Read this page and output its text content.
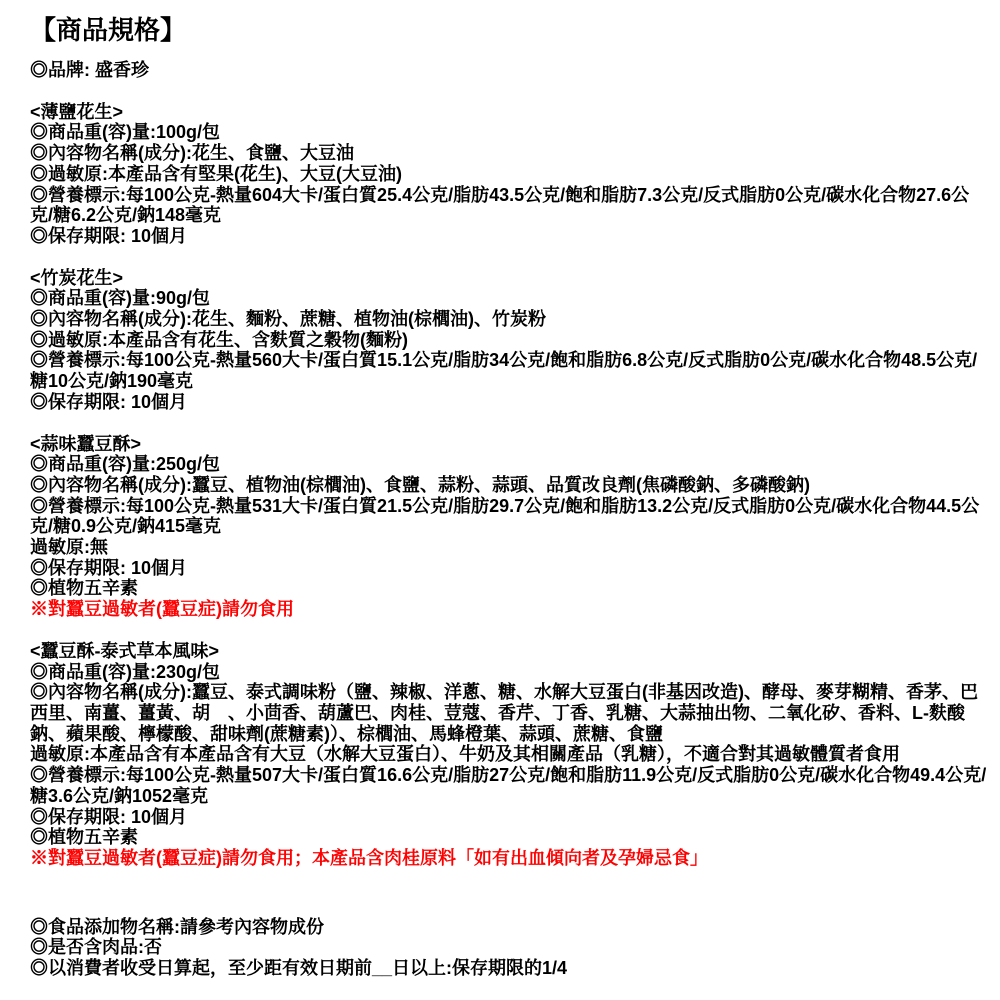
【商品規格】
◎品牌: 盛香珍
<薄鹽花生>
◎商品重(容)量:100g/包
◎內容物名稱(成分):花生、食鹽、大豆油
◎過敏原:本產品含有堅果(花生)、大豆(大豆油)
◎營養標示:每100公克-熱量604大卡/蛋白質25.4公克/脂肪43.5公克/飽和脂肪7.3公克/反式脂肪0公克/碳水化合物27.6公克/糖6.2公克/鈉148毫克
◎保存期限: 10個月
<竹炭花生>
◎商品重(容)量:90g/包
◎內容物名稱(成分):花生、麵粉、蔗糖、植物油(棕櫚油)、竹炭粉
◎過敏原:本產品含有花生、含麩質之穀物(麵粉)
◎營養標示:每100公克-熱量560大卡/蛋白質15.1公克/脂肪34公克/飽和脂肪6.8公克/反式脂肪0公克/碳水化合物48.5公克/糖10公克/鈉190毫克
◎保存期限: 10個月
<蒜味蠶豆酥>
◎商品重(容)量:250g/包
◎內容物名稱(成分):蠶豆、植物油(棕櫚油)、食鹽、蒜粉、蒜頭、品質改良劑(焦磷酸鈉、多磷酸鈉)
◎營養標示:每100公克-熱量531大卡/蛋白質21.5公克/脂肪29.7公克/飽和脂肪13.2公克/反式脂肪0公克/碳水化合物44.5公克/糖0.9公克/鈉415毫克
過敏原:無
◎保存期限: 10個月
◎植物五辛素
※對蠶豆過敏者(蠶豆症)請勿食用
<蠶豆酥-泰式草本風味>
◎商品重(容)量:230g/包
◎內容物名稱(成分):蠶豆、泰式調味粉（鹽、辣椒、洋蔥、糖、水解大豆蛋白(非基因改造)、酵母、麥芽糊精、香茅、巴西里、南薑、薑黃、胡　、小茴香、葫蘆巴、肉桂、荳蔻、香芹、丁香、乳糖、大蒜抽出物、二氧化矽、香料、L-麩酸鈉、蘋果酸、檸檬酸、甜味劑(蔗糖素)）、棕櫚油、馬蜂橙葉、蒜頭、蔗糖、食鹽
過敏原:本產品含有本產品含有大豆（水解大豆蛋白）、牛奶及其相關產品（乳糖），不適合對其過敏體質者食用
◎營養標示:每100公克-熱量507大卡/蛋白質16.6公克/脂肪27公克/飽和脂肪11.9公克/反式脂肪0公克/碳水化合物49.4公克/糖3.6公克/鈉1052毫克
◎保存期限: 10個月
◎植物五辛素
※對蠶豆過敏者(蠶豆症)請勿食用；本產品含肉桂原料「如有出血傾向者及孕婦忌食」
◎食品添加物名稱:請參考內容物成份
◎是否含肉品:否
◎以消費者收受日算起，至少距有效日期前__日以上:保存期限的1/4
